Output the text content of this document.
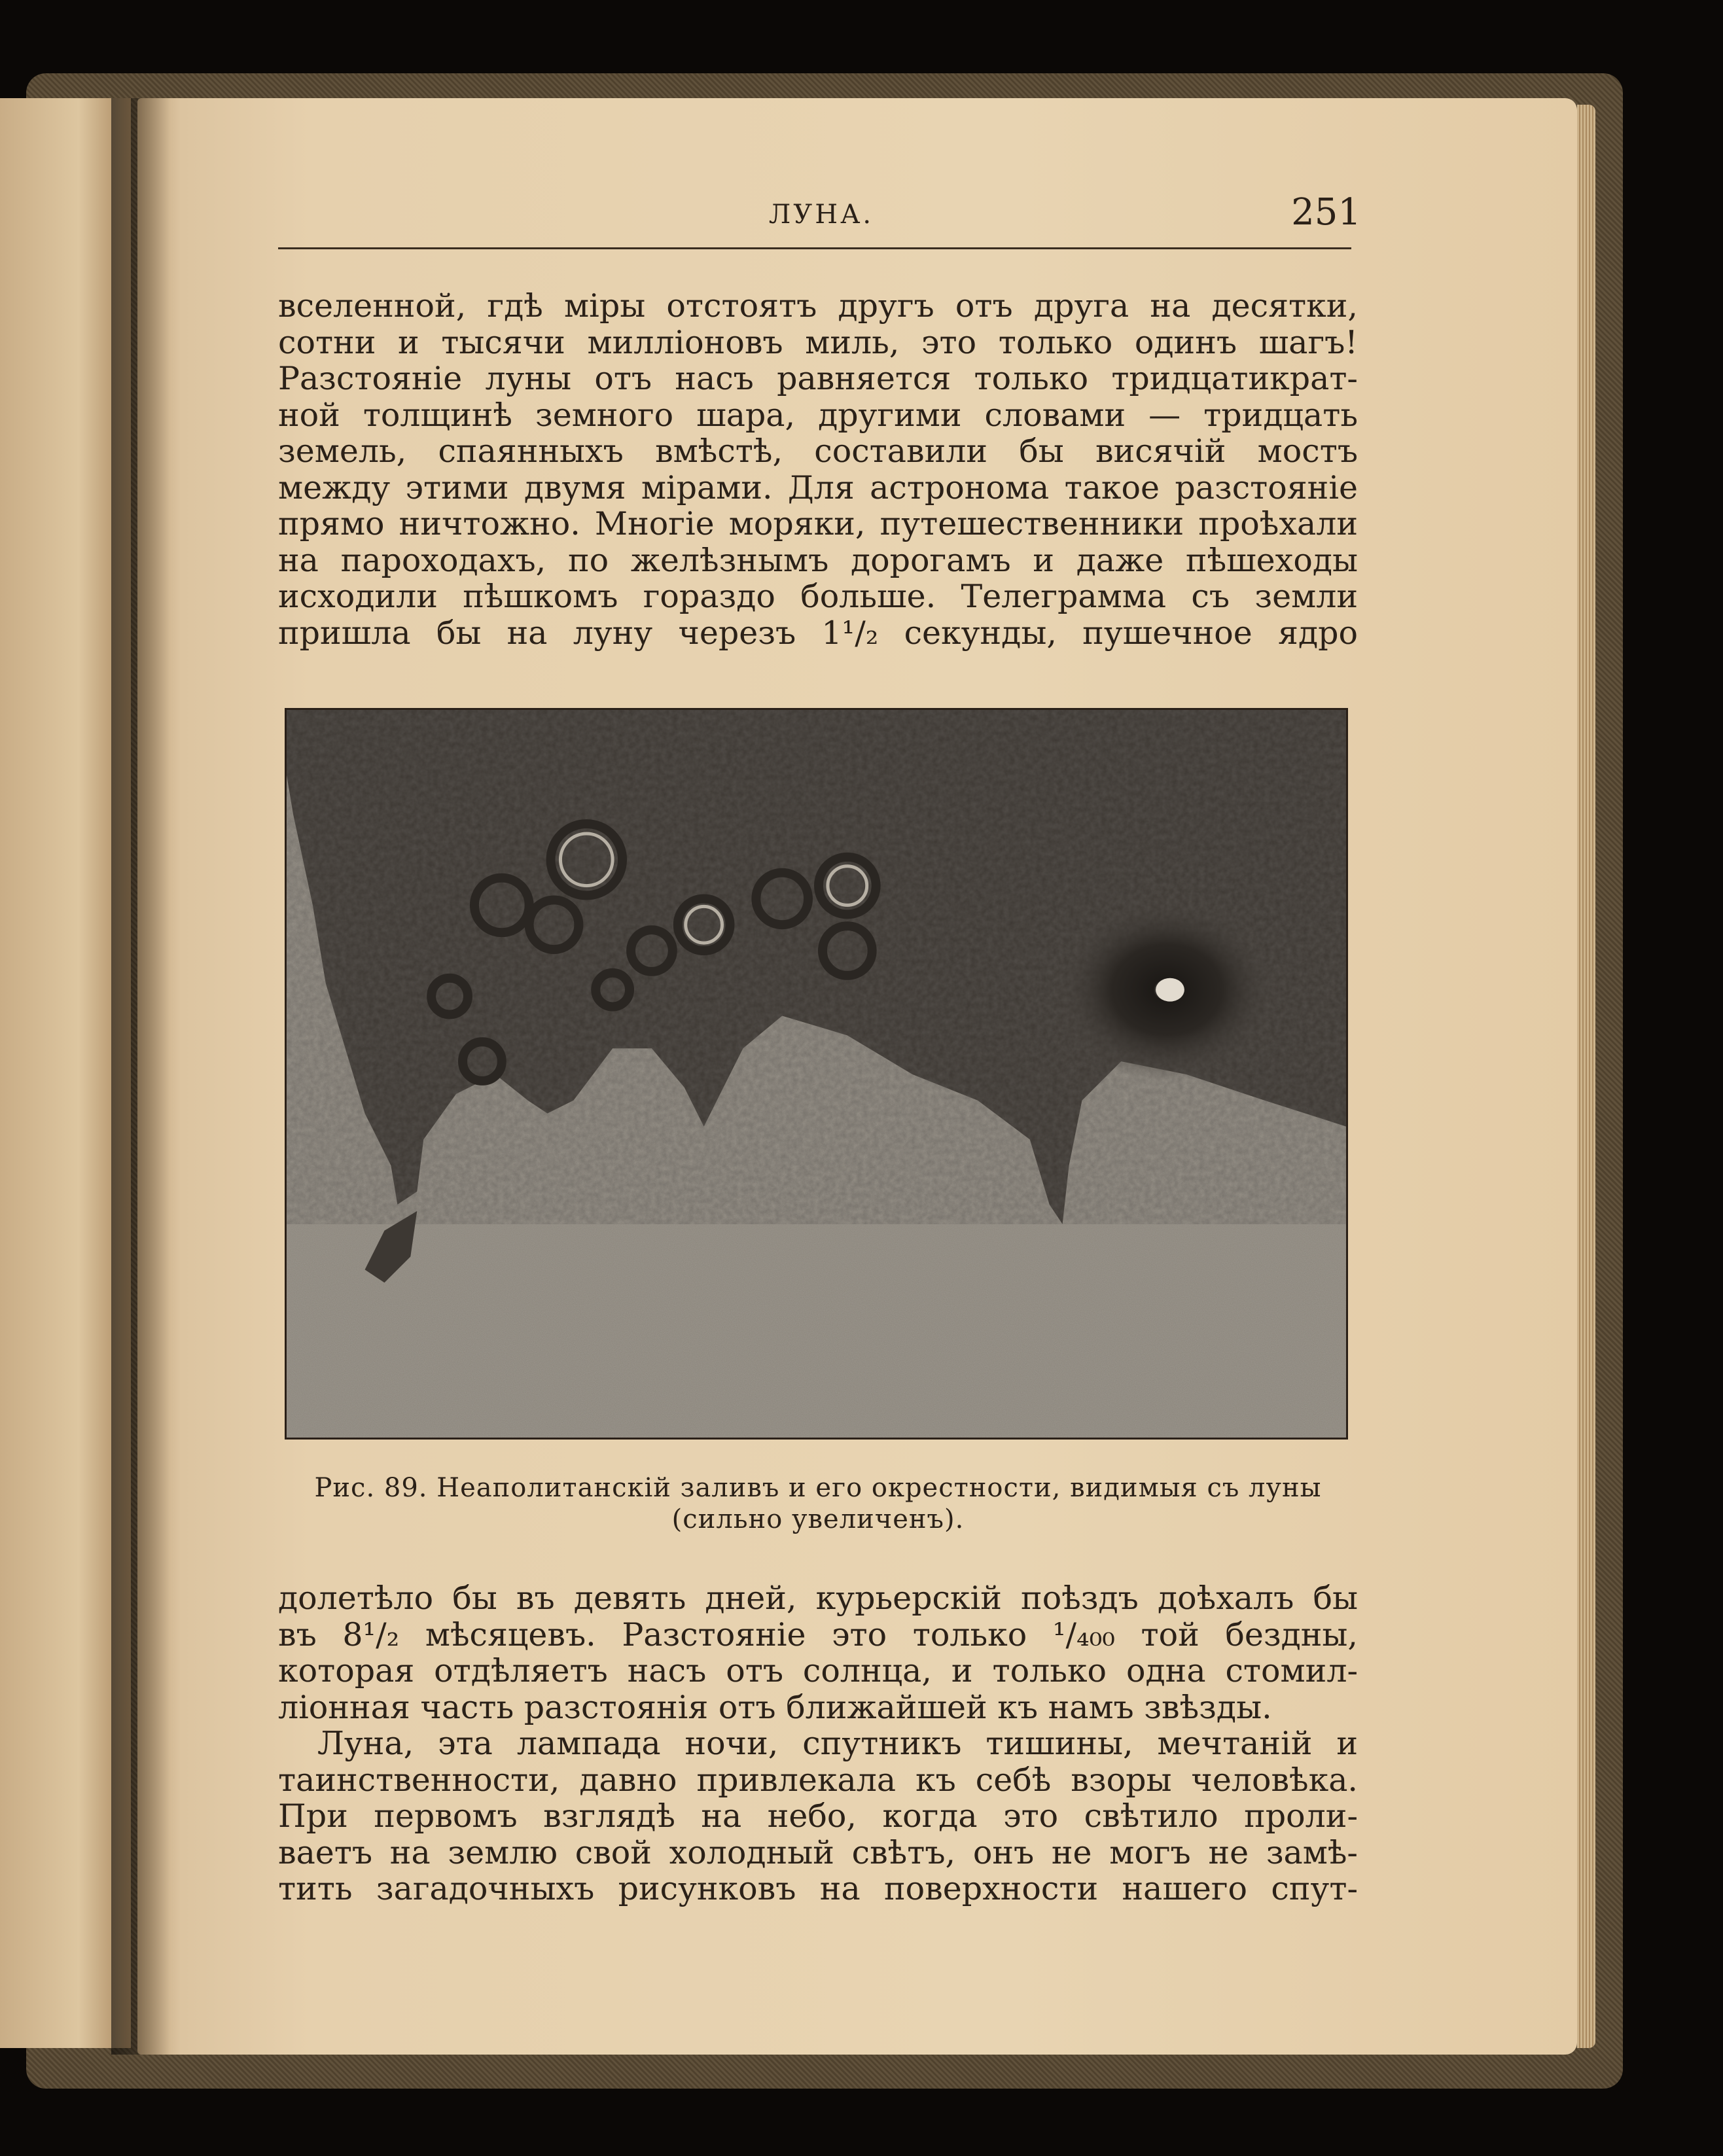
ЛУНА.	251
вселенной, гдѣ міры отстоятъ другъ отъ друга на десятки,
сотни и тысячи милліоновъ миль, это только одинъ шагъ!
Разстояніе луны отъ насъ равняется только тридцатикрат-
ной толщинѣ земного шара, другими словами — тридцать
земель, спаянныхъ вмѣстѣ, составили бы висячій мостъ
между этими двумя мірами. Для астронома такое разстояніе
прямо ничтожно. Многіе моряки, путешественники проѣхали
на пароходахъ, по желѣзнымъ дорогамъ и даже пѣшеходы
исходили пѣшкомъ гораздо больше. Телеграмма съ земли
пришла бы на луну черезъ 1¹/₂ секунды, пушечное ядро
Рис. 89. Неаполитанскій заливъ и его окрестности, видимыя съ луны
(сильно увеличенъ).
долетѣло бы въ девять дней, курьерскій поѣздъ доѣхалъ бы
въ 8¹/₂ мѣсяцевъ. Разстояніе это только ¹/₄₀₀ той бездны,
которая отдѣляетъ насъ отъ солнца, и только одна стомил-
ліонная часть разстоянія отъ ближайшей къ намъ звѣзды.
Луна, эта лампада ночи, спутникъ тишины, мечтаній и
таинственности, давно привлекала къ себѣ взоры человѣка.
При первомъ взглядѣ на небо, когда это свѣтило проли-
ваетъ на землю свой холодный свѣтъ, онъ не могъ не замѣ-
тить загадочныхъ рисунковъ на поверхности нашего спут-
